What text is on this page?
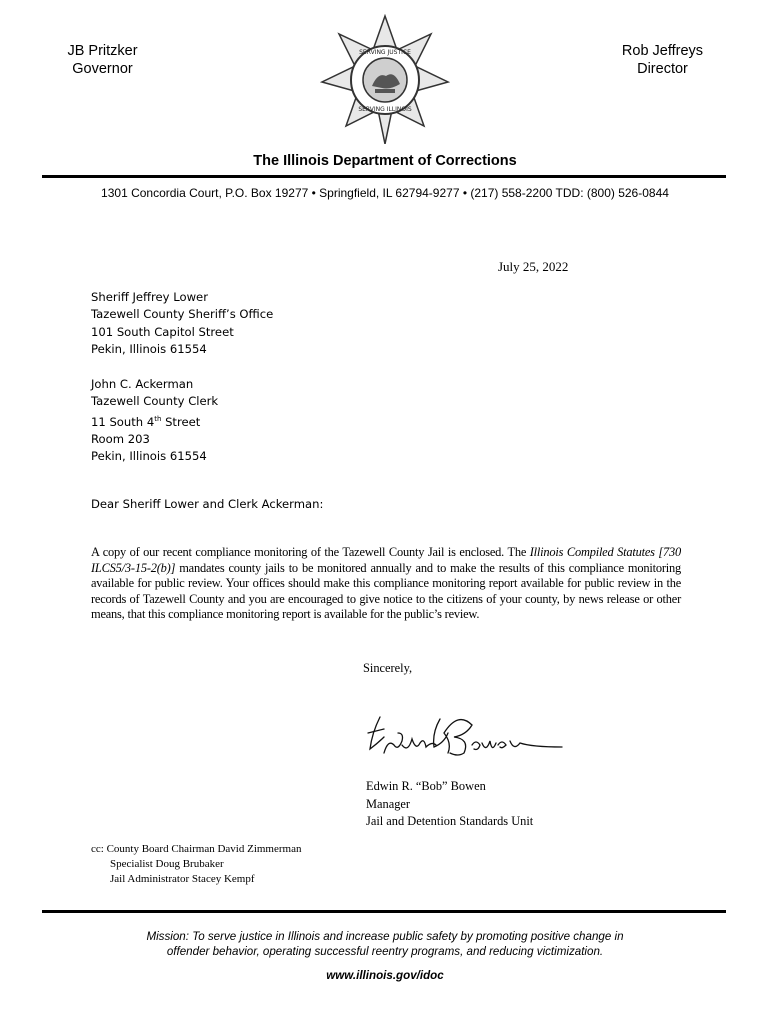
JB Pritzker
Governor
SERVING JUSTICE
SERVING ILLINOIS
Rob Jeffreys
Director
The Illinois Department of Corrections
1301 Concordia Court, P.O. Box 19277 • Springfield, IL 62794-9277 • (217) 558-2200 TDD: (800) 526-0844
July 25, 2022
Sheriff Jeffrey Lower
Tazewell County Sheriff’s Office
101 South Capitol Street
Pekin, Illinois 61554
John C. Ackerman
Tazewell County Clerk
11 South 4th Street
Room 203
Pekin, Illinois 61554
Dear Sheriff Lower and Clerk Ackerman:
A copy of our recent compliance monitoring of the Tazewell County Jail is enclosed. The Illinois Compiled Statutes [730 ILCS5/3-15-2(b)] mandates county jails to be monitored annually and to make the results of this compliance monitoring available for public review. Your offices should make this compliance monitoring report available for public review in the records of Tazewell County and you are encouraged to give notice to the citizens of your county, by news release or other means, that this compliance monitoring report is available for the public’s review.
Sincerely,
Edwin R. “Bob” Bowen
Manager
Jail and Detention Standards Unit
cc: County Board Chairman David Zimmerman
Specialist Doug Brubaker
Jail Administrator Stacey Kempf
Mission: To serve justice in Illinois and increase public safety by promoting positive change in
offender behavior, operating successful reentry programs, and reducing victimization.
www.illinois.gov/idoc
